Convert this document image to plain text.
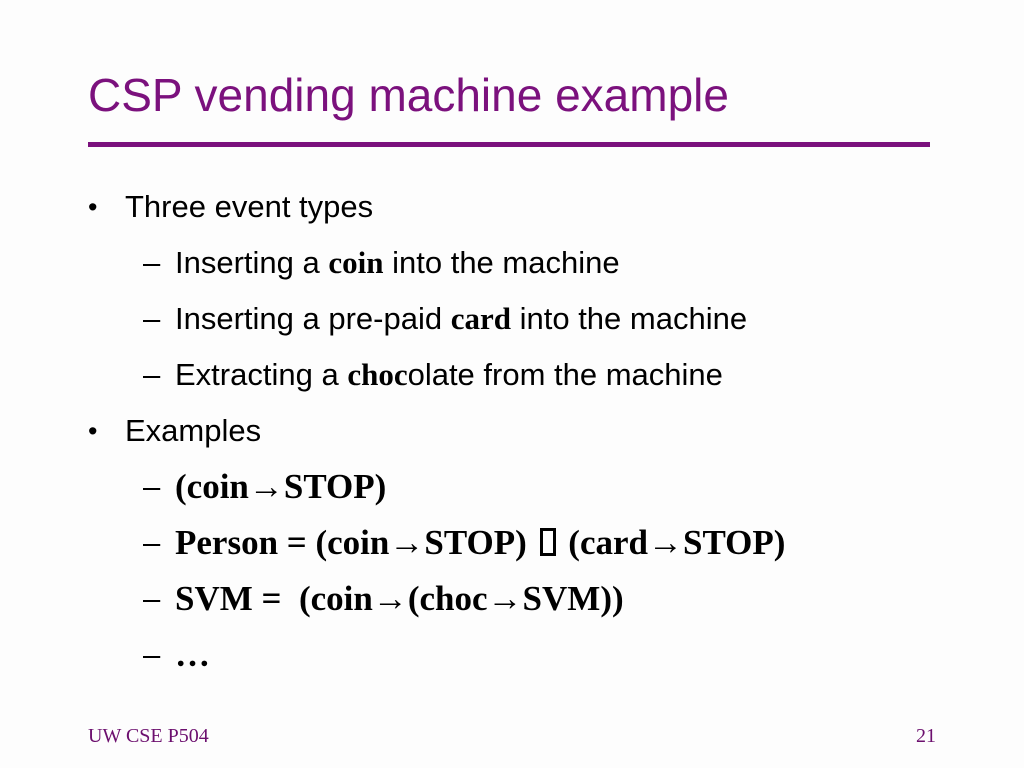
CSP vending machine example
• Three event types
– Inserting a coin into the machine
– Inserting a pre-paid card into the machine
– Extracting a chocolate from the machine
• Examples
– (coin→STOP)
– Person = (coin→STOP)  (card→STOP)
– SVM =  (coin→(choc→SVM))
– …
UW CSE P504	21
